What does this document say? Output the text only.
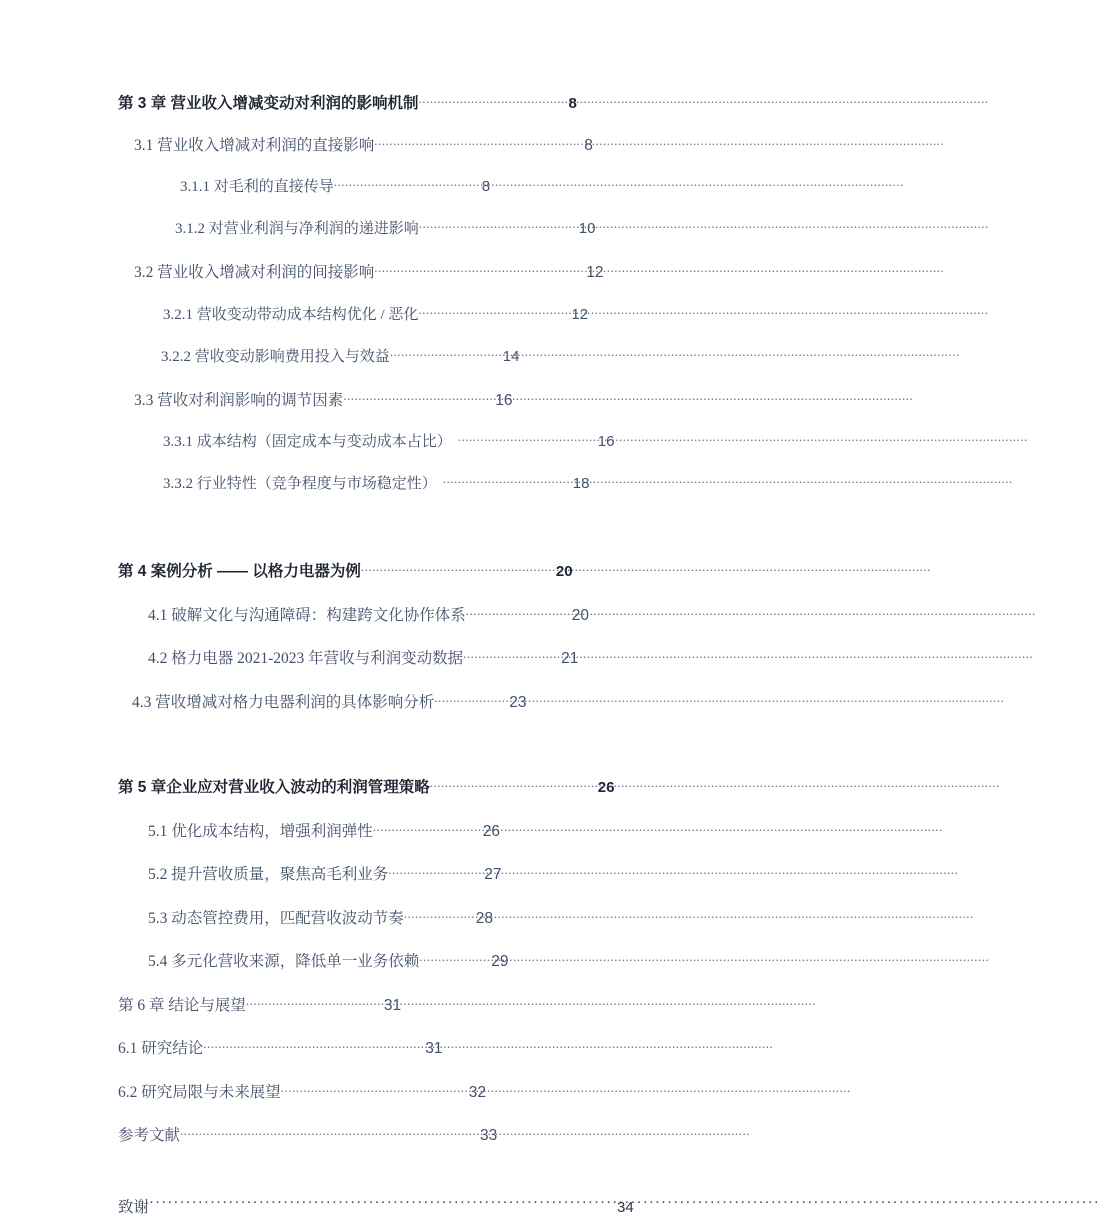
第 3 章 营业收入增减变动对利润的影响机制 .....	8
3.1 营业收入增减对利润的直接影响 .....	8
3.1.1 对毛利的直接传导 .....	8
3.1.2 对营业利润与净利润的递进影响 .....	10
3.2 营业收入增减对利润的间接影响 .....	12
3.2.1 营收变动带动成本结构优化 / 恶化 .....	12
3.2.2 营收变动影响费用投入与效益 .....	14
3.3 营收对利润影响的调节因素 .....	16
3.3.1 成本结构（固定成本与变动成本占比） .....	16
3.3.2 行业特性（竞争程度与市场稳定性） .....	18
第 4 案例分析 —— 以格力电器为例 .....	20
4.1 破解文化与沟通障碍：构建跨文化协作体系 .....	20
4.2 格力电器 2021-2023 年营收与利润变动数据 .....	21
4.3 营收增减对格力电器利润的具体影响分析 .....	23
第 5 章企业应对营业收入波动的利润管理策略 .....	26
5.1 优化成本结构，增强利润弹性 .....	26
5.2 提升营收质量，聚焦高毛利业务 .....	27
5.3 动态管控费用，匹配营收波动节奏 .....	28
5.4 多元化营收来源，降低单一业务依赖 .....	29
第 6 章 结论与展望 .....	31
6.1 研究结论 .....	31
6.2 研究局限与未来展望 .....	32
参考文献 .....	33
致谢 ·····	34
